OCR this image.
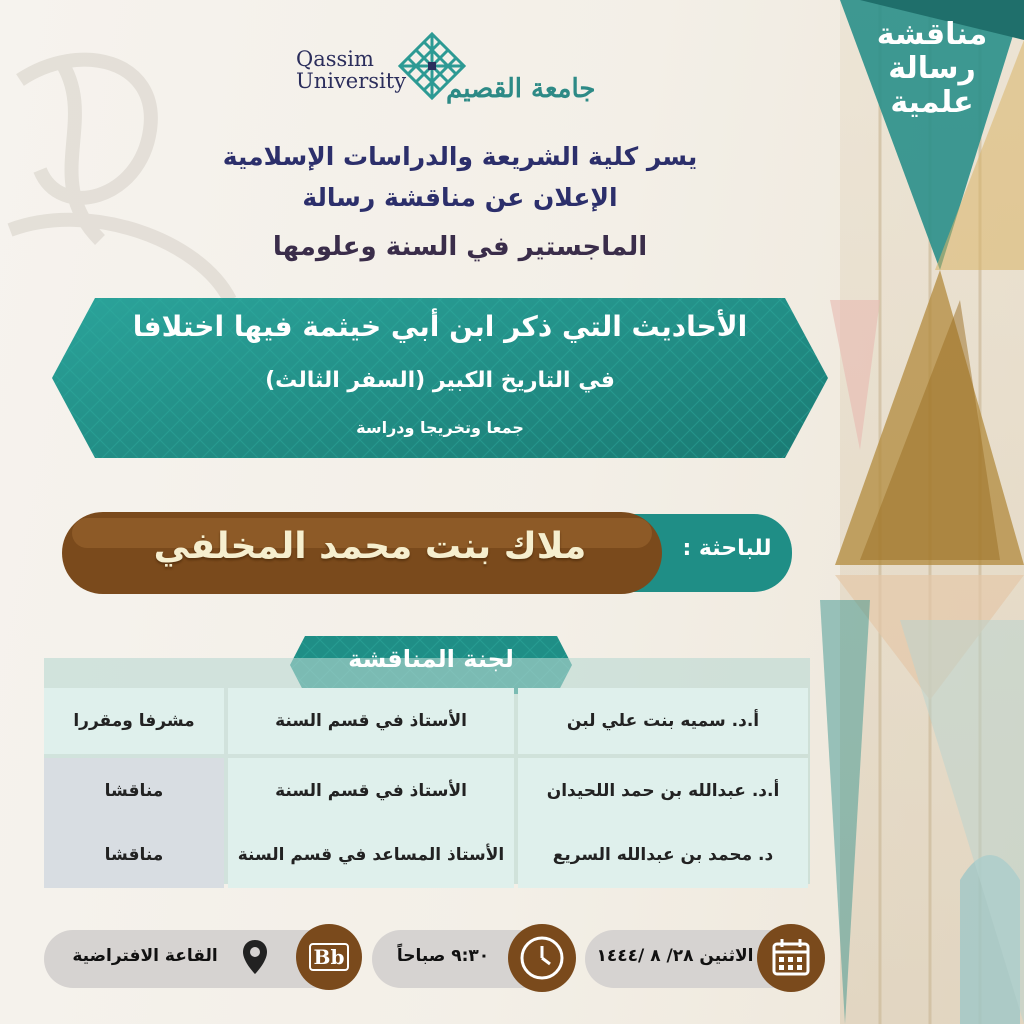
مناقشة
رسالة
علمية
Qassim
University جامعة القصيم
يسر كلية الشريعة والدراسات الإسلامية
الإعلان عن مناقشة رسالة
الماجستير في السنة وعلومها
الأحاديث التي ذكر ابن أبي خيثمة فيها اختلافا
في التاريخ الكبير (السفر الثالث)
جمعا وتخريجا ودراسة
ملاك بنت محمد المخلفي	للباحثة :
لجنة المناقشة
أ.د. سميه بنت علي لبن
الأستاذ في قسم السنة
مشرفا ومقررا
أ.د. عبدالله بن حمد اللحيدان
الأستاذ في قسم السنة
مناقشا
د. محمد بن عبدالله السريع
الأستاذ المساعد في قسم السنة
مناقشا
الاثنين ٢٨/ ٨ /١٤٤٤
٩:٣٠ صباحاً
Bb
القاعة الافتراضية
